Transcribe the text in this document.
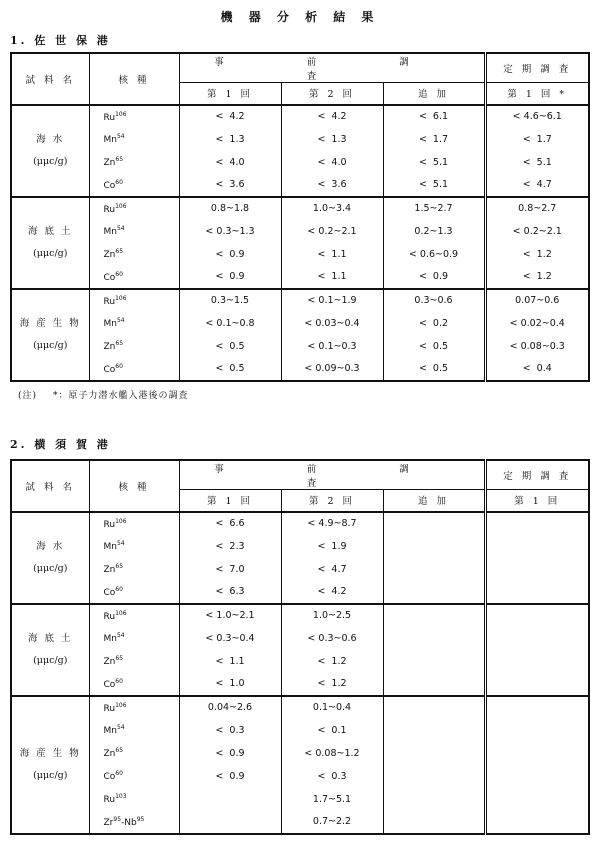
機 器 分 析 結 果
1. 佐 世 保 港
試 料 名	核 種	事 前 調 査			定 期 調 査
		第 1 回	第 2 回	追 加	第 1 回 *

海 水
(μμc/g)	$Ru^{106}$	<  4.2	<  4.2	<  6.1	< 4.6~6.1
	$Mn^{54}$	<  1.3	<  1.3	<  1.7	<  1.7
	$Zn^{65}$	<  4.0	<  4.0	<  5.1	<  5.1
	$Co^{60}$	<  3.6	<  3.6	<  5.1	<  4.7

海 底 土
(μμc/g)	Ru$^{106}$	0.8~1.8	1.0~3.4	1.5~2.7	0.8~2.7
	$Mn^{54}$	< 0.3~1.3	< 0.2~2.1	0.2~1.3	< 0.2~2.1
	$Zn^{65}$	<  0.9	<  1.1	< 0.6~0.9	<  1.2
	$Co^{60}$	<  0.9	<  1.1	<  0.9	<  1.2

海 産 生 物
(μμc/g)	Ru$^{106}$	0.3~1.5	< 0.1~1.9	0.3~0.6	0.07~0.6
	$Mn^{54}$	< 0.1~0.8	< 0.03~0.4	<  0.2	< 0.02~0.4
	$Zn^{65}$	<  0.5	< 0.1~0.3	<  0.5	< 0.08~0.3
	$Co^{60}$	<  0.5	< 0.09~0.3	<  0.5	<  0.4
(注) *：原子力潜水艦入港後の調査
2. 横 須 賀 港
試 料 名	核 種	事 前 調 査			定 期 調 査
		第 1 回	第 2 回	追 加	第 1 回

海 水
(μμc/g)	$Ru^{106}$	<  6.6	< 4.9~8.7		
	$Mn^{54}$	<  2.3	<  1.9		
	$Zn^{65}$	<  7.0	<  4.7		
	$Co^{60}$	<  6.3	<  4.2		

海 底 土
(μμc/g)	$Ru^{106}$	< 1.0~2.1	1.0~2.5		
	$Mn^{54}$	< 0.3~0.4	< 0.3~0.6		
	$Zn^{65}$	<  1.1	<  1.2		
	$Co^{60}$	<  1.0	<  1.2		

海 産 生 物
(μμc/g)	Ru$^{106}$	0.04~2.6	0.1~0.4		
	$Mn^{54}$	<  0.3	<  0.1		
	$Zn^{65}$	<  0.9	< 0.08~1.2		
	$Co^{60}$	<  0.9	<  0.3		
	Ru$^{103}$		1.7~5.1		
	Zr$^{95}$-Nb$^{95}$		0.7~2.2		
